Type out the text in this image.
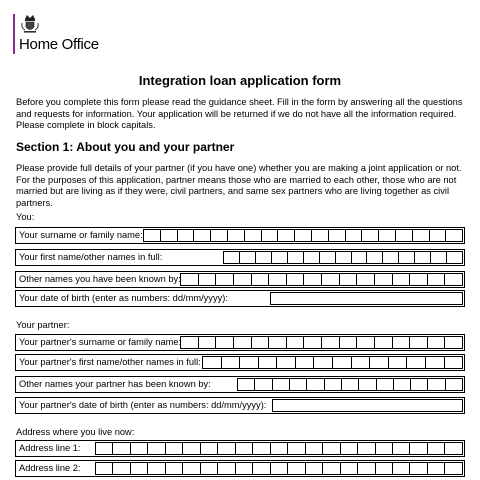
Home Office
Integration loan application form
Before you complete this form please read the guidance sheet. Fill in the form by answering all the questions and requests for information. Your application will be returned if we do not have all the information required. Please complete in block capitals.
Section 1: About you and your partner
Please provide full details of your partner (if you have one) whether you are making a joint application or not. For the purposes of this application, partner means those who are married to each other, those who are not married but are living as if they were, civil partners, and same sex partners who are living together as civil partners.
You:
Your surname or family name:
Your first name/other names in full:
Other names you have been known by:
Your date of birth (enter as numbers: dd/mm/yyyy):
Your partner:
Your partner's surname or family name:
Your partner's first name/other names in full:
Other names your partner has been known by:
Your partner's date of birth (enter as numbers: dd/mm/yyyy):
Address where you live now:
Address line 1:
Address line 2:
